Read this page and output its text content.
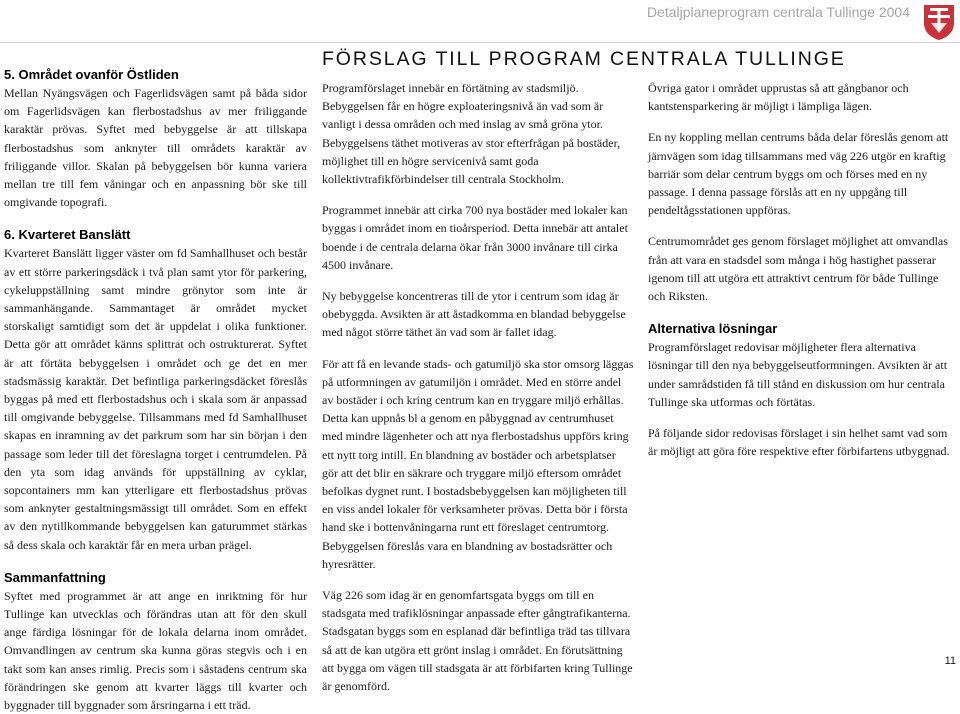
Detaljplaneprogram centrala Tullinge 2004
FÖRSLAG TILL PROGRAM CENTRALA TULLINGE
5. Området ovanför Östliden

Mellan Nyängsvägen och Fagerlidsvägen samt på båda sidor om Fagerlidsvägen kan flerbostadshus av mer friliggande karaktär prövas. Syftet med bebyggelse är att tillskapa flerbostadshus som anknyter till områdets karaktär av friliggande villor. Skalan på bebyggelsen bör kunna variera mellan tre till fem våningar och en anpassning bör ske till omgivande topografi.

6. Kvarteret Banslätt

Kvarteret Banslätt ligger väster om fd Samhallhuset och består av ett större parkeringsdäck i två plan samt ytor för parkering, cykeluppställning samt mindre grönytor som inte är sammanhängande. Sammantaget är området mycket storskaligt samtidigt som det är uppdelat i olika funktioner. Detta gör att området känns splittrat och ostrukturerat. Syftet är att förtäta bebyggelsen i området och ge det en mer stadsmässig karaktär. Det befintliga parkeringsdäcket föreslås byggas på med ett flerbostadshus och i skala som är anpassad till omgivande bebyggelse. Tillsammans med fd Samhallhuset skapas en inramning av det parkrum som har sin början i den passage som leder till det föreslagna torget i centrumdelen. På den yta som idag används för uppställning av cyklar, sopcontainers mm kan ytterligare ett flerbostadshus prövas som anknyter gestaltningsmässigt till området. Som en effekt av den nytillkommande bebyggelsen kan gaturummet stärkas så dess skala och karaktär får en mera urban prägel.

Sammanfattning

Syftet med programmet är att ange en inriktning för hur Tullinge kan utvecklas och förändras utan att för den skull ange färdiga lösningar för de lokala delarna inom området. Omvandlingen av centrum ska kunna göras stegvis och i en takt som kan anses rimlig. Precis som i såstadens centrum ska förändringen ske genom att kvarter läggs till kvarter och byggnader till byggnader som årsringarna i ett träd.

Programförslaget innebär en förtätning av stadsmiljö. Bebyggelsen får en högre exploateringsnivå än vad som är vanligt i dessa områden och med inslag av små gröna ytor. Bebyggelsens täthet motiveras av stor efterfrågan på bostäder, möjlighet till en högre servicenivå samt goda kollektivtrafikförbindelser till centrala Stockholm.

Programmet innebär att cirka 700 nya bostäder med lokaler kan byggas i området inom en tioårsperiod. Detta innebär att antalet boende i de centrala delarna ökar från 3000 invånare till cirka 4500 invånare.

Ny bebyggelse koncentreras till de ytor i centrum som idag är obebyggda. Avsikten är att åstadkomma en blandad bebyggelse med något större täthet än vad som är fallet idag.

För att få en levande stads- och gatumiljö ska stor omsorg läggas på utformningen av gatumiljön i området. Med en större andel av bostäder i och kring centrum kan en tryggare miljö erhållas. Detta kan uppnås bl a genom en påbyggnad av centrumhuset med mindre lägenheter och att nya flerbostadshus uppförs kring ett nytt torg intill. En blandning av bostäder och arbetsplatser gör att det blir en säkrare och tryggare miljö eftersom området befolkas dygnet runt. I bostadsbebyggelsen kan möjligheten till en viss andel lokaler för verksamheter prövas. Detta bör i första hand ske i bottenvåningarna runt ett föreslaget centrumtorg. Bebyggelsen föreslås vara en blandning av bostadsrätter och hyresrätter.

Väg 226 som idag är en genomfartsgata byggs om till en stadsgata med trafiklösningar anpassade efter gångtrafikanterna. Stadsgatan byggs som en esplanad där befintliga träd tas tillvara så att de kan utgöra ett grönt inslag i området. En förutsättning att bygga om vägen till stadsgata är att förbifarten kring Tullinge är genomförd.

Övriga gator i området upprustas så att gångbanor och kantstensparkering är möjligt i lämpliga lägen.

En ny koppling mellan centrums båda delar föreslås genom att järnvägen som idag tillsammans med väg 226 utgör en kraftig barriär som delar centrum byggs om och förses med en ny passage. I denna passage förslås att en ny uppgång till pendeltågsstationen uppföras.

Centrumområdet ges genom förslaget möjlighet att omvandlas från att vara en stadsdel som många i hög hastighet passerar igenom till att utgöra ett attraktivt centrum för både Tullinge och Riksten.

Alternativa lösningar

Programförslaget redovisar möjligheter flera alternativa lösningar till den nya bebyggelseutformningen. Avsikten är att under samrådstiden få till stånd en diskussion om hur centrala Tullinge ska utformas och förtätas.

På följande sidor redovisas förslaget i sin helhet samt vad som är möjligt att göra före respektive efter förbifartens utbyggnad.

11
